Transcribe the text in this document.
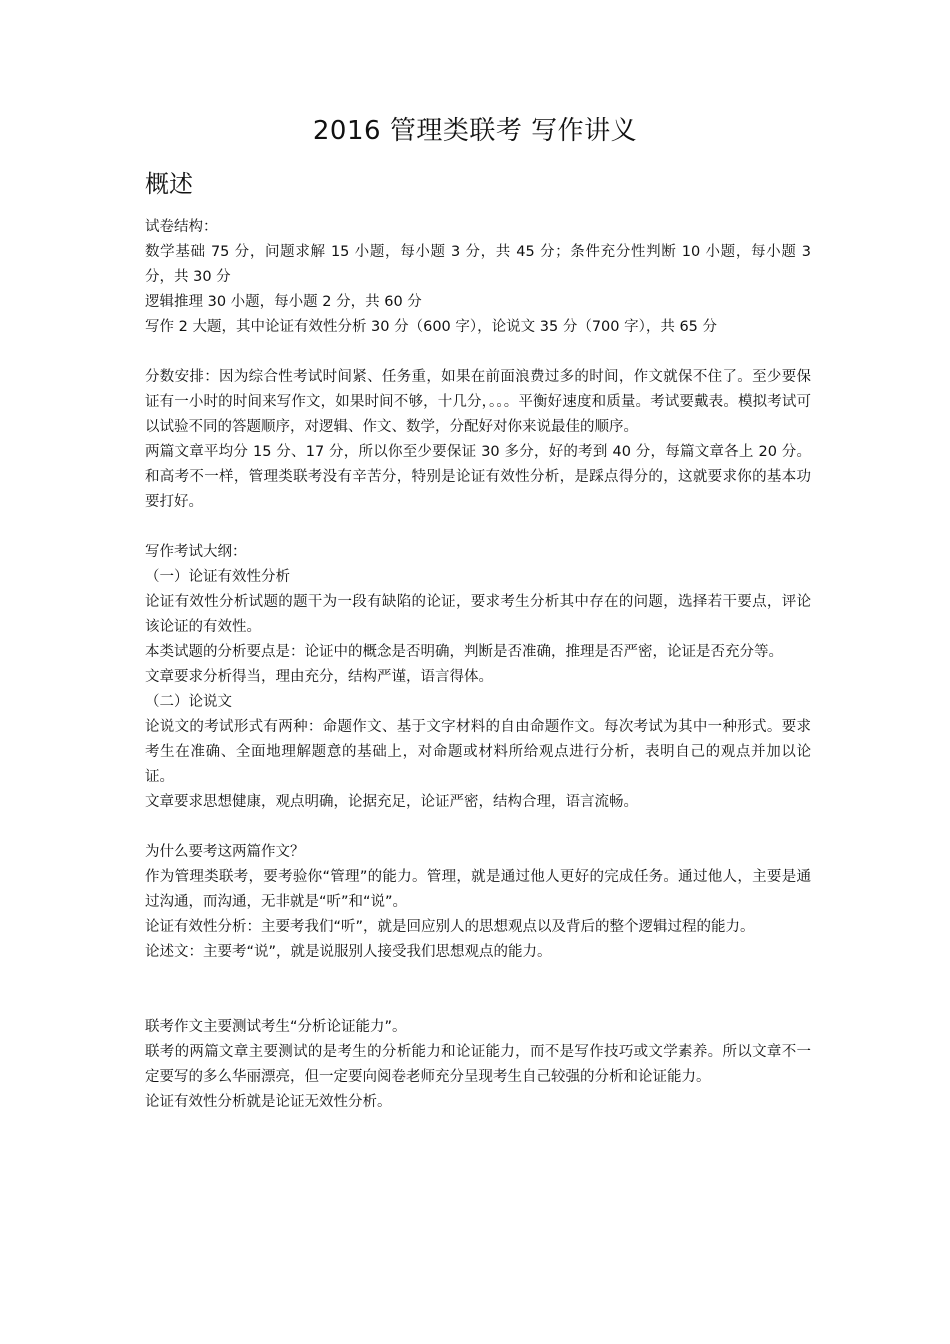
2016 管理类联考 写作讲义
概述

试卷结构：

数学基础 75 分，问题求解 15 小题，每小题 3 分，共 45 分；条件充分性判断 10 小题，每小题 3 分，共 30 分

逻辑推理 30 小题，每小题 2 分，共 60 分

写作 2 大题，其中论证有效性分析 30 分（600 字），论说文 35 分（700 字），共 65 分

分数安排：因为综合性考试时间紧、任务重，如果在前面浪费过多的时间，作文就保不住了。至少要保证有一小时的时间来写作文，如果时间不够，十几分，。。。平衡好速度和质量。考试要戴表。模拟考试可以试验不同的答题顺序，对逻辑、作文、数学，分配好对你来说最佳的顺序。

两篇文章平均分 15 分、17 分，所以你至少要保证 30 多分，好的考到 40 分，每篇文章各上 20 分。和高考不一样，管理类联考没有辛苦分，特别是论证有效性分析，是踩点得分的，这就要求你的基本功要打好。

写作考试大纲：

（一）论证有效性分析

论证有效性分析试题的题干为一段有缺陷的论证，要求考生分析其中存在的问题，选择若干要点，评论该论证的有效性。

本类试题的分析要点是：论证中的概念是否明确，判断是否准确，推理是否严密，论证是否充分等。

文章要求分析得当，理由充分，结构严谨，语言得体。

（二）论说文

论说文的考试形式有两种：命题作文、基于文字材料的自由命题作文。每次考试为其中一种形式。要求考生在准确、全面地理解题意的基础上，对命题或材料所给观点进行分析，表明自己的观点并加以论证。

文章要求思想健康，观点明确，论据充足，论证严密，结构合理，语言流畅。

为什么要考这两篇作文？

作为管理类联考，要考验你“管理”的能力。管理，就是通过他人更好的完成任务。通过他人，主要是通过沟通，而沟通，无非就是“听”和“说”。

论证有效性分析：主要考我们“听”，就是回应别人的思想观点以及背后的整个逻辑过程的能力。

论述文：主要考“说”，就是说服别人接受我们思想观点的能力。

联考作文主要测试考生“分析论证能力”。

联考的两篇文章主要测试的是考生的分析能力和论证能力，而不是写作技巧或文学素养。所以文章不一定要写的多么华丽漂亮，但一定要向阅卷老师充分呈现考生自己较强的分析和论证能力。

论证有效性分析就是论证无效性分析。
